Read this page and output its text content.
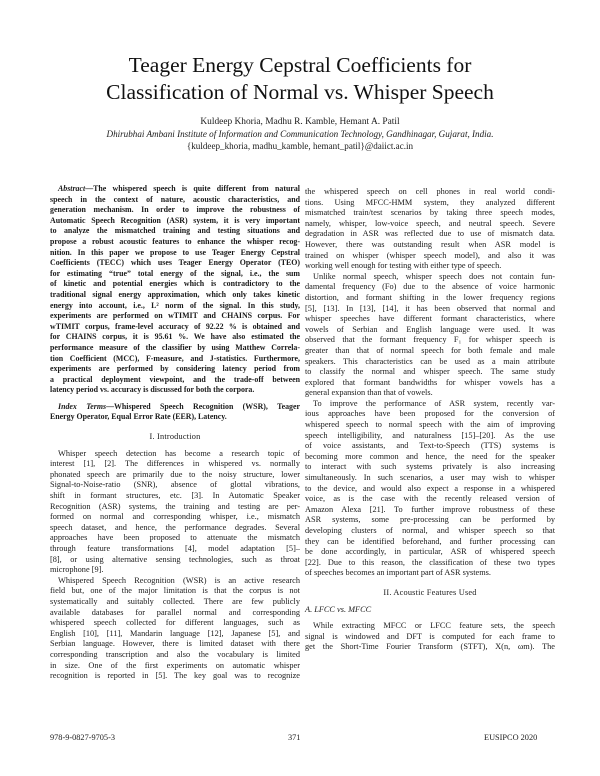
Teager Energy Cepstral Coefficients for
Classification of Normal vs. Whisper Speech
Kuldeep Khoria, Madhu R. Kamble, Hemant A. Patil
Dhirubhai Ambani Institute of Information and Communication Technology, Gandhinagar, Gujarat, India.
{kuldeep_khoria, madhu_kamble, hemant_patil}@daiict.ac.in
Abstract—The whispered speech is quite different from natural
speech in the context of nature, acoustic characteristics, and
generation mechanism. In order to improve the robustness of
Automatic Speech Recognition (ASR) system, it is very important
to analyze the mismatched training and testing situations and
propose a robust acoustic features to enhance the whisper recog-
nition. In this paper we propose to use Teager Energy Cepstral
Coefficients (TECC) which uses Teager Energy Operator (TEO)
for estimating “true” total energy of the signal, i.e., the sum
of kinetic and potential energies which is contradictory to the
traditional signal energy approximation, which only takes kinetic
energy into account, i.e., L² norm of the signal. In this study,
experiments are performed on wTIMIT and CHAINS corpus. For
wTIMIT corpus, frame-level accuracy of 92.22 % is obtained and
for CHAINS corpus, it is 95.61 %. We have also estimated the
performance measure of the classifier by using Matthew Correla-
tion Coefficient (MCC), F-measure, and J-statistics. Furthermore,
experiments are performed by considering latency period from
a practical deployment viewpoint, and the trade-off between
latency period vs. accuracy is discussed for both the corpora.
Index Terms—Whispered Speech Recognition (WSR), Teager
Energy Operator, Equal Error Rate (EER), Latency.
I. Introduction
Whisper speech detection has become a research topic of
interest [1], [2]. The differences in whispered vs. normally
phonated speech are primarily due to the noisy structure, lower
Signal-to-Noise-ratio (SNR), absence of glottal vibrations,
shift in formant structures, etc. [3]. In Automatic Speaker
Recognition (ASR) systems, the training and testing are per-
formed on normal and corresponding whisper, i.e., mismatch
speech dataset, and hence, the performance degrades. Several
approaches have been proposed to attenuate the mismatch
through feature transformations [4], model adaptation [5]–
[8], or using alternative sensing technologies, such as throat
microphone [9].
Whispered Speech Recognition (WSR) is an active research
field but, one of the major limitation is that the corpus is not
systematically and suitably collected. There are few publicly
available databases for parallel normal and corresponding
whispered speech collected for different languages, such as
English [10], [11], Mandarin language [12], Japanese [5], and
Serbian language. However, there is limited dataset with there
corresponding transcription and also the vocabulary is limited
in size. One of the first experiments on automatic whisper
recognition is reported in [5]. The key goal was to recognize
the whispered speech on cell phones in real world condi-
tions. Using MFCC-HMM system, they analyzed different
mismatched train/test scenarios by taking three speech modes,
namely, whisper, low-voice speech, and neutral speech. Severe
degradation in ASR was reflected due to use of mismatch data.
However, there was outstanding result when ASR model is
trained on whisper (whisper speech model), and also it was
working well enough for testing with either type of speech.
Unlike normal speech, whisper speech does not contain fun-
damental frequency (Fo) due to the absence of voice harmonic
distortion, and formant shifting in the lower frequency regions
[5], [13]. In [13], [14], it has been observed that normal and
whisper speeches have different formant characteristics, where
vowels of Serbian and English language were used. It was
observed that the formant frequency F₁ for whisper speech is
greater than that of normal speech for both female and male
speakers. This characteristics can be used as a main attribute
to classify the normal and whisper speech. The same study
explored that formant bandwidths for whisper vowels has a
general expansion than that of vowels.
To improve the performance of ASR system, recently var-
ious approaches have been proposed for the conversion of
whispered speech to normal speech with the aim of improving
speech intelligibility, and naturalness [15]–[20]. As the use
of voice assistants, and Text-to-Speech (TTS) systems is
becoming more common and hence, the need for the speaker
to interact with such systems privately is also increasing
simultaneously. In such scenarios, a user may wish to whisper
to the device, and would also expect a response in a whispered
voice, as is the case with the recently released version of
Amazon Alexa [21]. To further improve robustness of these
ASR systems, some pre-processing can be performed by
developing clusters of normal, and whisper speech so that
they can be identified beforehand, and further processing can
be done accordingly, in particular, ASR of whispered speech
[22]. Due to this reason, the classification of these two types
of speeches becomes an important part of ASR systems.
II. Acoustic Features Used
A. LFCC vs. MFCC
While extracting MFCC or LFCC feature sets, the speech
signal is windowed and DFT is computed for each frame to
get the Short-Time Fourier Transform (STFT), X(n, ωm). The
978-9-0827-9705-3	371	EUSIPCO 2020
